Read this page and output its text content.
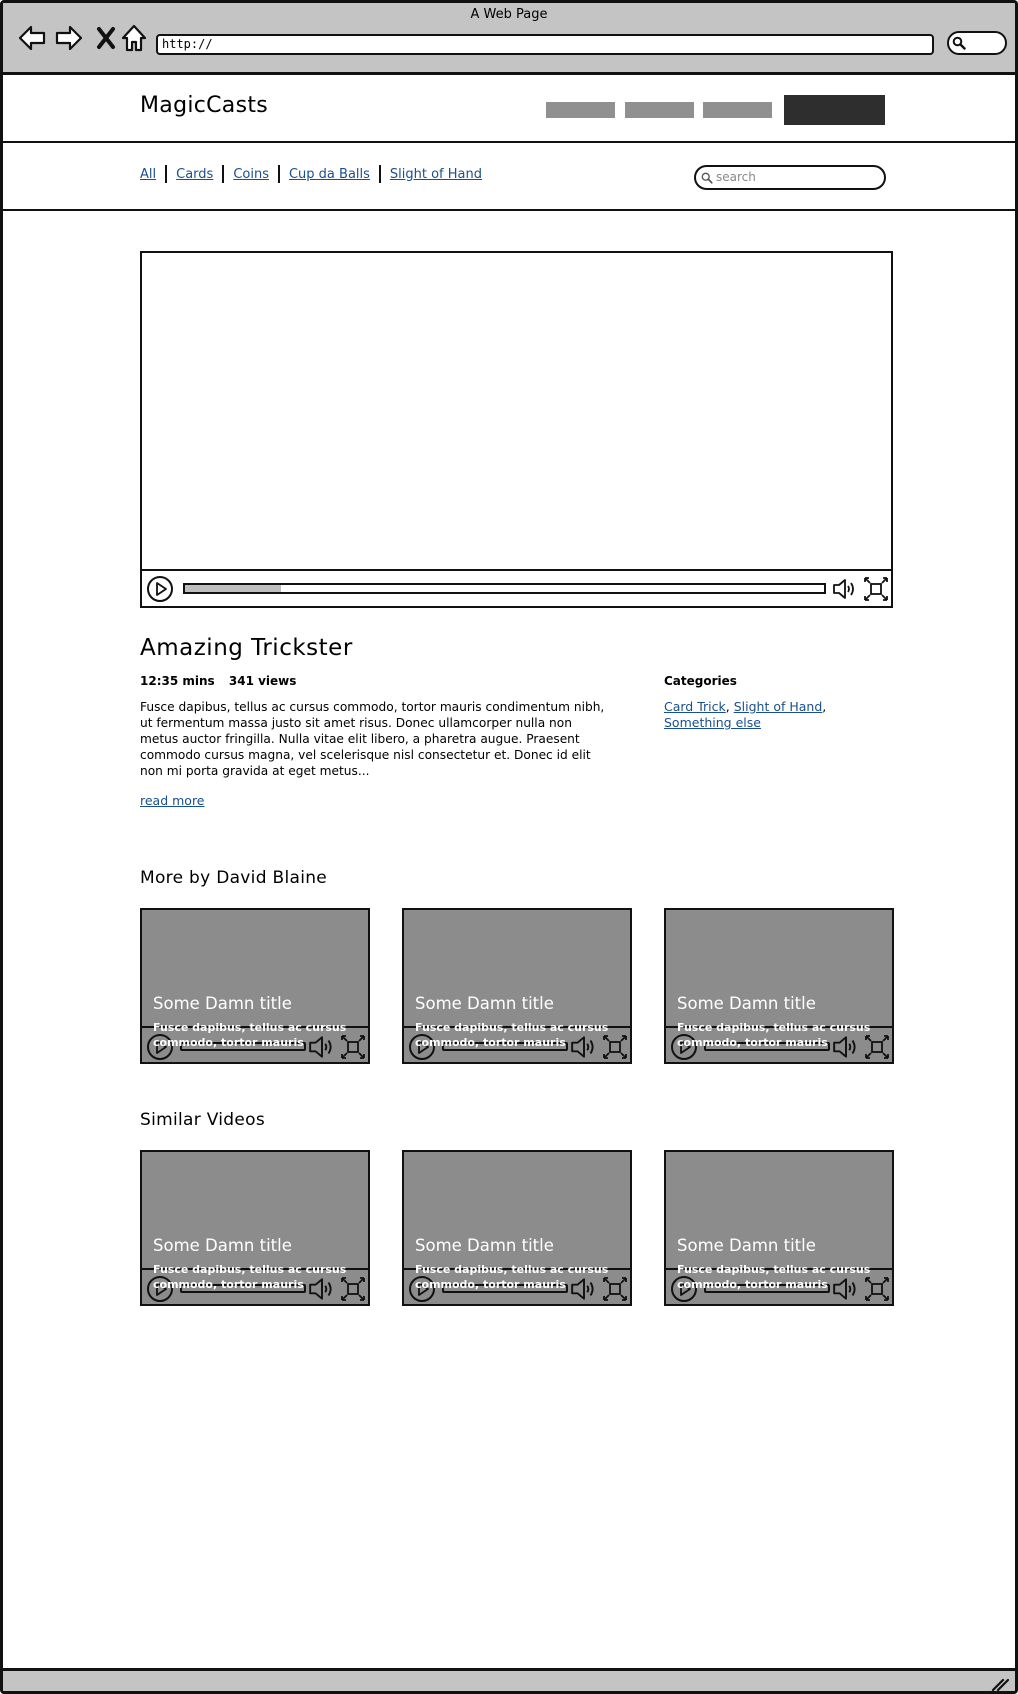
A Web Page
http://
MagicCasts
All Cards Coins Cup da Balls Slight of Hand	search
Amazing Trickster
12:35 mins 341 views
Fusce dapibus, tellus ac cursus commodo, tortor mauris condimentum nibh, ut fermentum massa justo sit amet risus. Donec ullamcorper nulla non metus auctor fringilla. Nulla vitae elit libero, a pharetra augue. Praesent commodo cursus magna, vel scelerisque nisl consectetur et. Donec id elit non mi porta gravida at eget metus...
read more
Categories
Card Trick, Slight of Hand, Something else
More by David Blaine
Some Damn title
Fusce dapibus, tellus ac cursus commodo, tortor mauris
Some Damn title
Fusce dapibus, tellus ac cursus commodo, tortor mauris
Some Damn title
Fusce dapibus, tellus ac cursus commodo, tortor mauris
Similar Videos
Some Damn title
Fusce dapibus, tellus ac cursus commodo, tortor mauris
Some Damn title
Fusce dapibus, tellus ac cursus commodo, tortor mauris
Some Damn title
Fusce dapibus, tellus ac cursus commodo, tortor mauris
